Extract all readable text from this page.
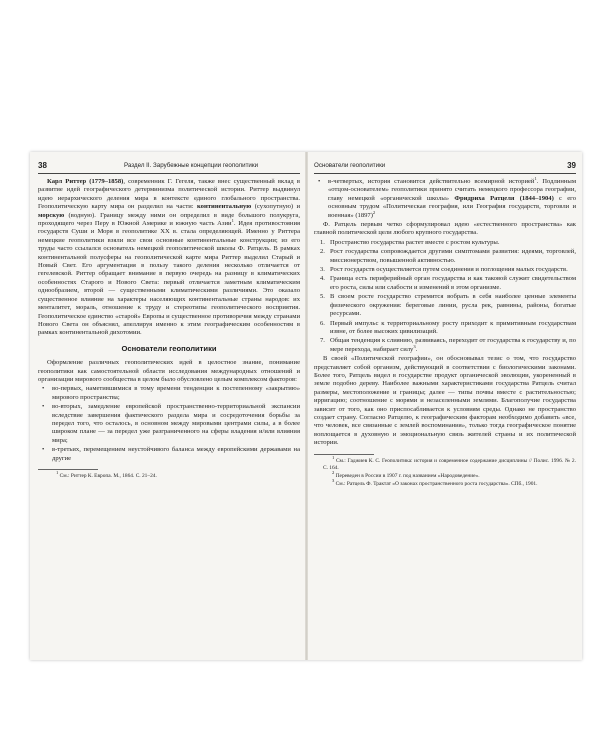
38	Раздел II. Зарубежные концепции геополитики

Карл Риттер (1779–1858), современник Г. Гегеля, также внес существенный вклад в развитие идей географического детерминизма политической истории. Риттер выдвинул идею иерархического деления мира в контексте единого глобального пространства. Геополитическую карту мира он разделил на части: континентальную (сухопутную) и морскую (водную). Границу между ними он определил в виде большого полукруга, проходящего через Перу в Южной Америке и южную часть Азии$^1$. Идея противостояния государств Суши и Моря в геополитике XX в. стала определяющей. Именно у Риттера немецкие геополитики взяли все свои основные континентальные конструкции; из его труды часто ссылался основатель немецкой геополитической школы Ф. Ратцель. В рамках континентальной полусферы на геополитической карте мира Риттер выделил Старый и Новый Свет. Его аргументация в пользу такого деления несколько отличается от гегелевской. Риттер обращает внимание в первую очередь на разницу в климатических особенностях Старого и Нового Света: первый отличается заметным климатическим однообразием, второй — существенными климатическими различиями. Это оказало существенное влияние на характеры населяющих континентальные страны народов: их менталитет, мораль, отношение к труду и стереотипы геополитического восприятия. Геополитическое единство «старой» Европы и существенное противоречия между странами Нового Света он объяснял, апеллируя именно к этим географическим особенностям в рамках континентальной дихотомии.

Основатели геополитики

Оформление различных геополитических идей в целостное знание, понимание геополитики как самостоятельной области исследования международных отношений и организации мирового сообщества в целом было обусловлено целым комплексом факторов:

• во-первых, наметившимися в тому времени тенденции к постепенному «закрытию» мирового пространства;
• во-вторых, замедление европейской пространственно-территориальной экспансии вследствие завершения фактического раздела мира и сосредоточения борьбы за передел того, что осталось, в основном между мировыми центрами силы, а в более широком плане — за передел уже разграниченного на сферы владения и/или влияния мира;
• в-третьих, перемещением неустойчивого баланса между европейскими державами на другие

$^1$ Cм.: Риттер К. Европа. М., 1864. С. 21–24.

Основатели геополитики	39
• в-четвертых, история становится действительно всемирной историей$^1$. Подлинным «отцом-основателем» геополитики принято считать немецкого профессора географии, главу немецкой «органической школы» Фридриха Ратцеля (1844–1904) с его основным трудом «Политическая география, или География государств, торговли и военная» $(1897)^2$

Ф. Ратцель первым четко сформулировал идею «естественного пространства» как главной политической цели любого крупного государства.

1. Пространство государства растет вместе с ростом культуры.
2. Рост государства сопровождается другими симптомами развития: идеями, торговлей, миссионерством, повышенной активностью.
3. Рост государств осуществляется путем соединения и поглощения малых государств.
4. Граница есть периферийный орган государства и как таковой служит свидетельством его роста, силы или слабости и изменений в этом организме.
5. В своем росте государство стремится вобрать в себя наиболее ценные элементы физического окружения: береговые линии, русла рек, равнины, районы, богатые ресурсами.
6. Первый импульс к территориальному росту приходит к примитивным государствам извне, от более высоких цивилизаций.
7. Общая тенденция к слиянию, развиваясь, переходит от государства к государству и, по мере перехода, набирает силу$^3$.

В своей «Политической географии», он обосновывал тезис о том, что государство представляет собой организм, действующий в соответствии с биологическими законами. Более того, Ратцель видел в государстве продукт органической эволюции, укорененный в земле подобно дереву. Наиболее важными характеристиками государства Ратцель считал размеры, местоположение и границы; далее — типы почвы вместе с растительностью; ирригацию; соотношение с морями и незаселенными землями. Благополучие государства зависит от того, как оно приспосабливается к условиям среды. Однако не пространство создает страну. Согласно Ратцелю, к географическим факторам необходимо добавить «все, что человек, все связанные с землей воспоминания», только тогда географическое понятие воплощается в духовную и эмоциональную связь жителей страны и их политической истории.

$^1$ См.: Гаджиев К. С. Геополитика: история и современное содержание дисциплины // Полис. 1996. № 2. С. 164.

$^2$ Переведен в России в 1907 г. под названием «Народоведение».

$^3$ См.: Ратцель Ф. Трактат «О законах пространственного роста государства». СПб., 1901.
